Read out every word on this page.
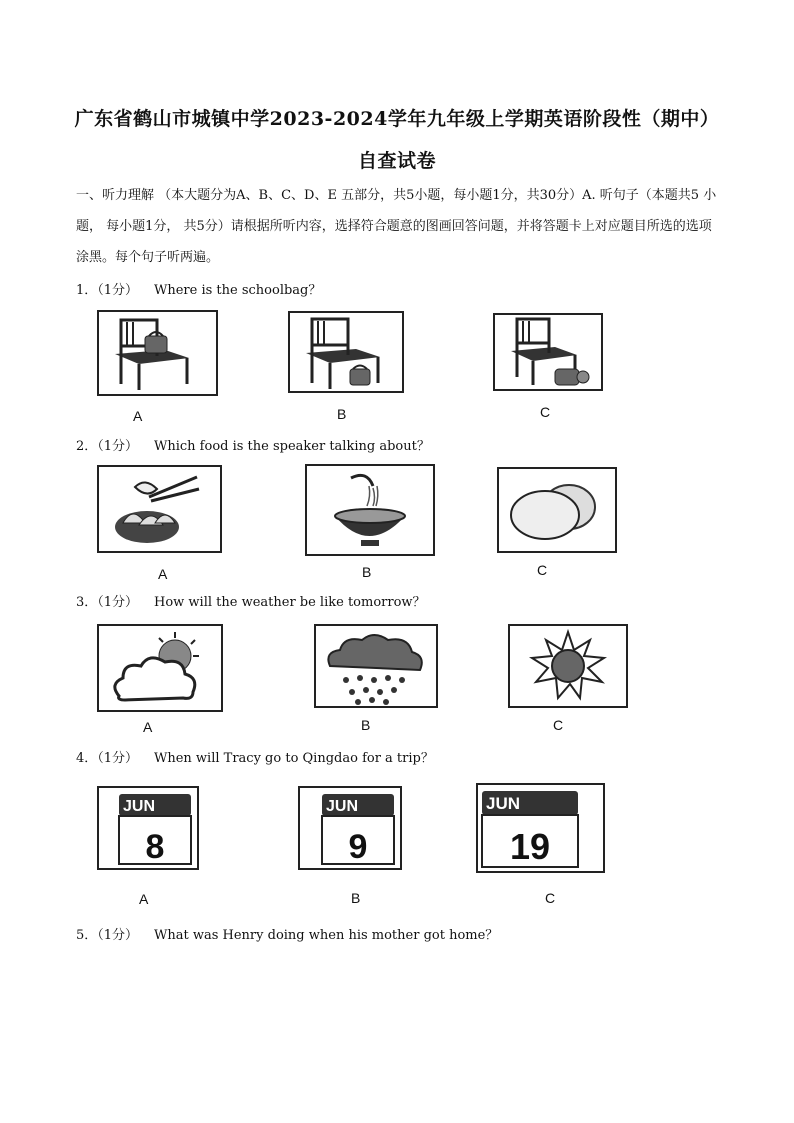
广东省鹤山市城镇中学2023-2024学年九年级上学期英语阶段性（期中）
自查试卷
一、听力理解 （本大题分为A、B、C、D、E 五部分，共5小题，每小题1分，共30分）A. 听句子（本题共5 小题， 每小题1分， 共5分）请根据所听内容，选择符合题意的图画回答问题，并将答题卡上对应题目所选的选项涂黑。每个句子听两遍。
1．（1分） Where is the schoolbag？
A	B	C
2．（1分） Which food is the speaker talking about？
A	B	C
3．（1分） How will the weather be like tomorrow？
A	B	C
4．（1分） When will Tracy go to Qingdao for a trip？
JUN
8
JUN
9
JUN
19
A	B	C
5．（1分） What was Henry doing when his mother got home？
